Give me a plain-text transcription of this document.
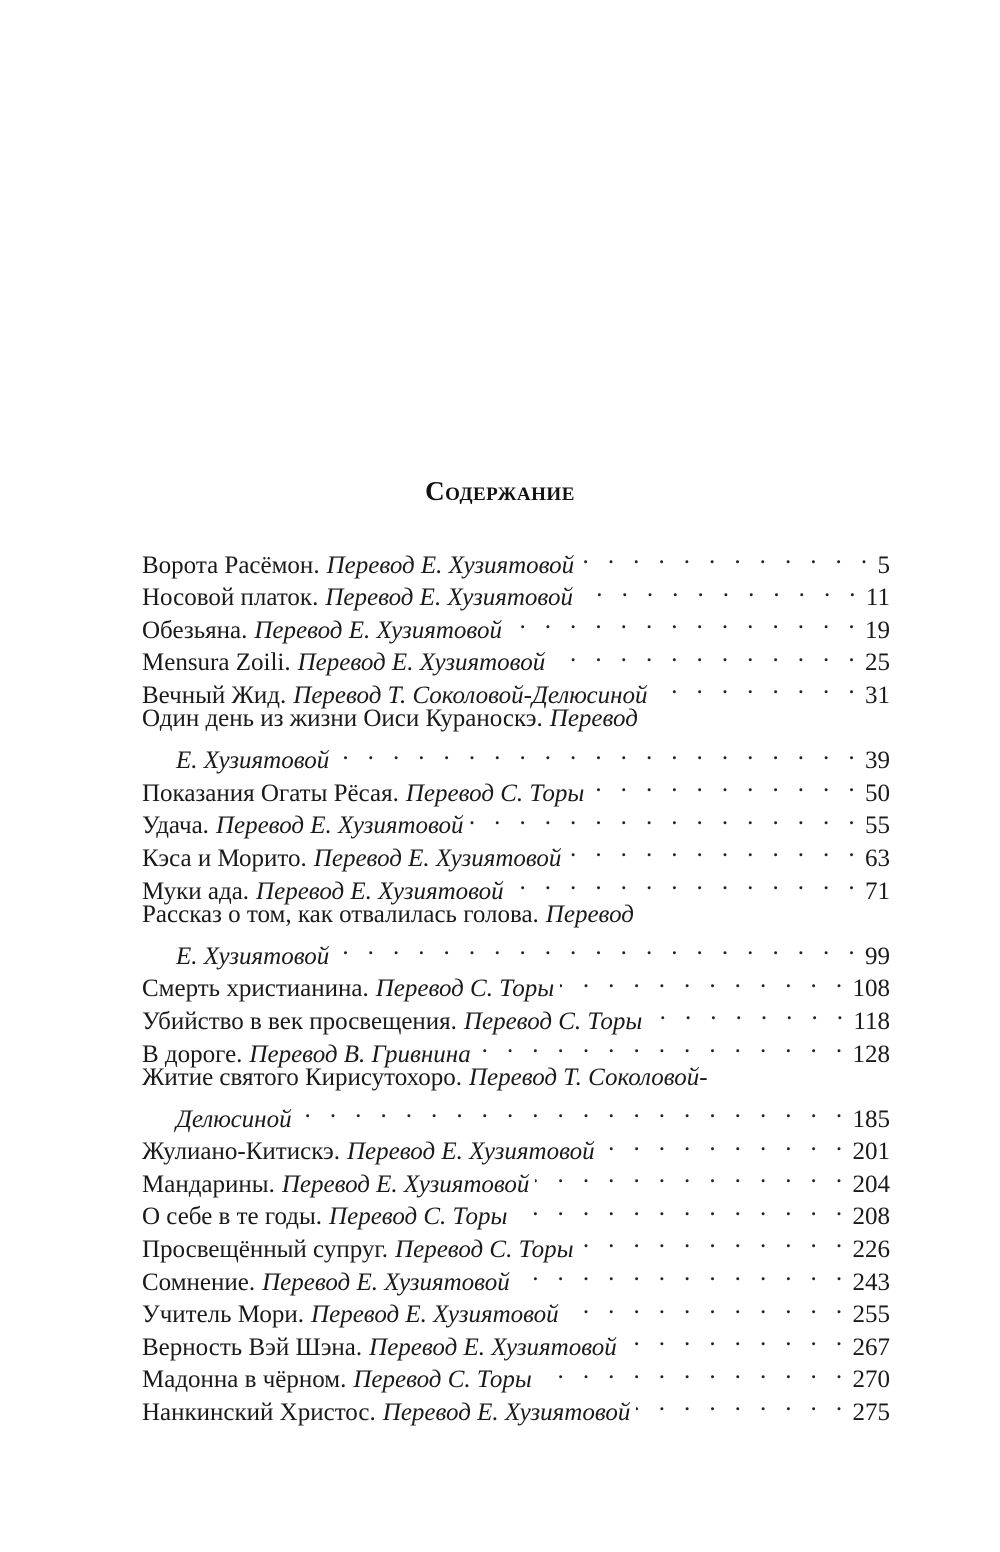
Содержание
Ворота Расёмон. Перевод Е. Хузиятовой . . .	5
Носовой платок. Перевод Е. Хузиятовой . . .	11
Обезьяна. Перевод Е. Хузиятовой . . .	19
Mensura Zoili. Перевод Е. Хузиятовой . . .	25
Вечный Жид. Перевод Т. Соколовой-Делюсиной . . .	31
Один день из жизни Оиси Кураноскэ. Перевод
Е. Хузиятовой . . .	39
Показания Огаты Рёсая. Перевод С. Торы . . .	50
Удача. Перевод Е. Хузиятовой . . .	55
Кэса и Морито. Перевод Е. Хузиятовой . . .	63
Муки ада. Перевод Е. Хузиятовой . . .	71
Рассказ о том, как отвалилась голова. Перевод
Е. Хузиятовой . . .	99
Смерть христианина. Перевод С. Торы . . .	108
Убийство в век просвещения. Перевод С. Торы . . .	118
В дороге. Перевод В. Гривнина . . .	128
Житие святого Кирисутохоро. Перевод Т. Соколовой-
Делюсиной . . .	185
Жулиано-Китискэ. Перевод Е. Хузиятовой . . .	201
Мандарины. Перевод Е. Хузиятовой . . .	204
О себе в те годы. Перевод С. Торы . . .	208
Просвещённый супруг. Перевод С. Торы . . .	226
Сомнение. Перевод Е. Хузиятовой . . .	243
Учитель Мори. Перевод Е. Хузиятовой . . .	255
Верность Вэй Шэна. Перевод Е. Хузиятовой . . .	267
Мадонна в чёрном. Перевод С. Торы . . .	270
Нанкинский Христос. Перевод Е. Хузиятовой . . .	275
